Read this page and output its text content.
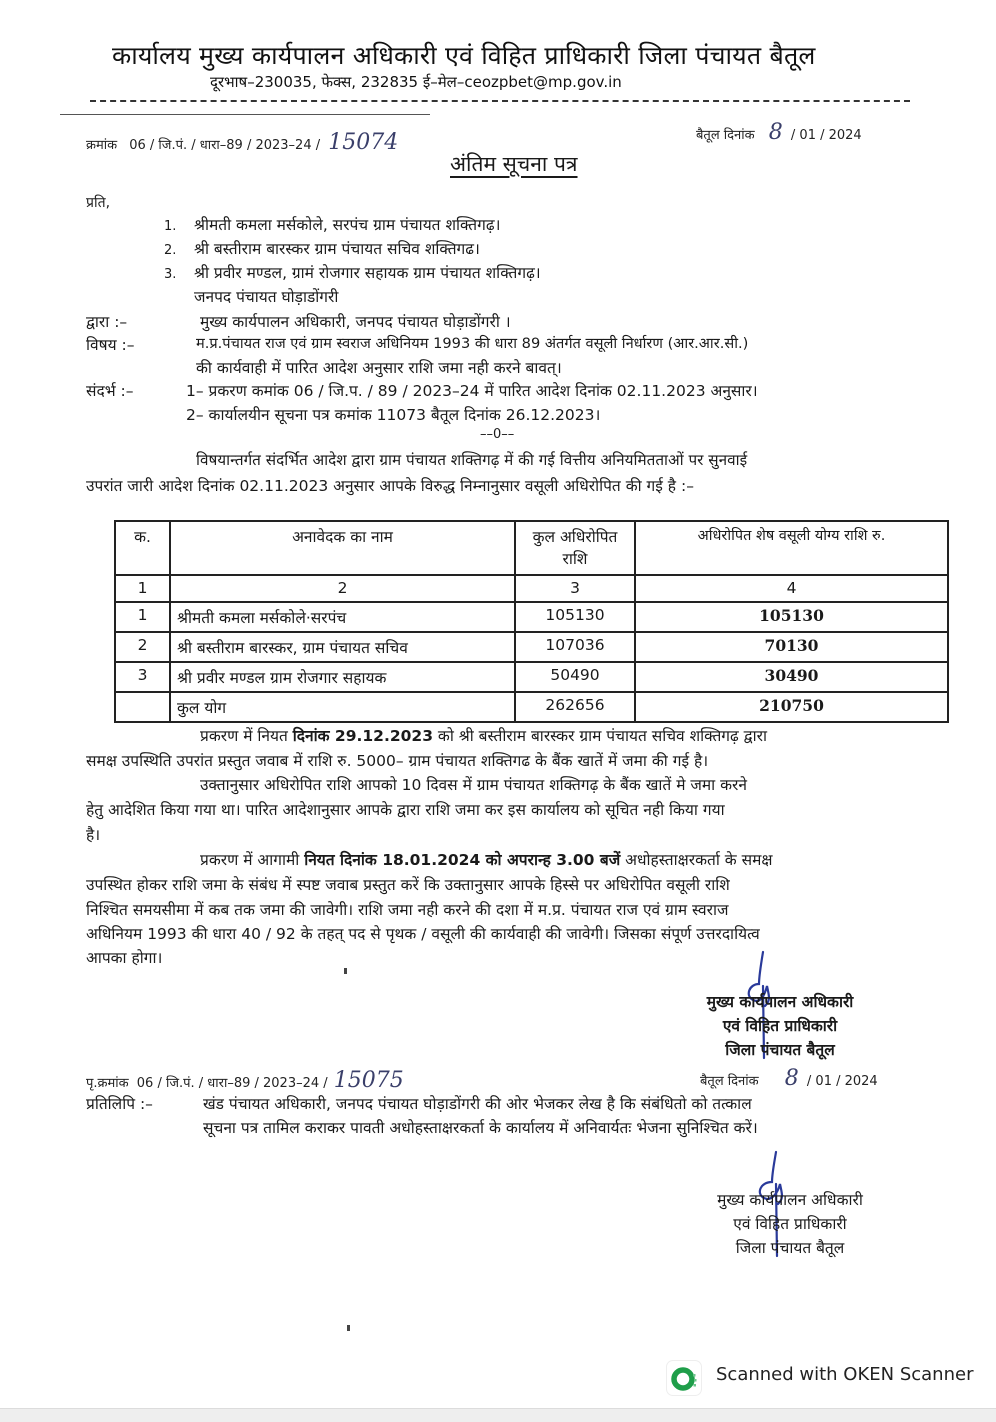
कार्यालय मुख्य कार्यपालन अधिकारी एवं विहित प्राधिकारी जिला पंचायत बैतूल
दूरभाष–230035, फेक्स, 232835 ई–मेल–ceozpbet@mp.gov.in
क्रमांक 06 / जि.पं. / धारा–89 / 2023–24 / 15074	बैतूल दिनांक 8 / 01 / 2024
अंतिम सूचना पत्र
प्रति,
1. श्रीमती कमला मर्सकोले, सरपंच ग्राम पंचायत शक्तिगढ़।
2. श्री बस्तीराम बारस्कर ग्राम पंचायत सचिव शक्तिगढ।
3. श्री प्रवीर मण्डल, ग्रामं रोजगार सहायक ग्राम पंचायत शक्तिगढ़।
जनपद पंचायत घोड़ाडोंगरी
द्वारा :–	मुख्य कार्यपालन अधिकारी, जनपद पंचायत घोड़ाडोंगरी ।
विषय :–	म.प्र.पंचायत राज एवं ग्राम स्वराज अधिनियम 1993 की धारा 89 अंतर्गत वसूली निर्धारण (आर.आर.सी.)
की कार्यवाही में पारित आदेश अनुसार राशि जमा नही करने बावत्।
संदर्भ :–	1– प्रकरण कमांक 06 / जि.प. / 89 / 2023–24 में पारित आदेश दिनांक 02.11.2023 अनुसार।
2– कार्यालयीन सूचना पत्र कमांक 11073 बैतूल दिनांक 26.12.2023।
––0––
विषयान्तर्गत संदर्भित आदेश द्वारा ग्राम पंचायत शक्तिगढ़ में की गई वित्तीय अनियमितताओं पर सुनवाई
उपरांत जारी आदेश दिनांक 02.11.2023 अनुसार आपके विरुद्ध निम्नानुसार वसूली अधिरोपित की गई है :–
क.	अनावेदक का नाम	कुल अधिरोपित राशि	अधिरोपित शेष वसूली योग्य राशि रु.
1	2	3	4
1	श्रीमती कमला मर्सकोले·सरपंच	105130	105130
2	श्री बस्तीराम बारस्कर, ग्राम पंचायत सचिव	107036	70130
3	श्री प्रवीर मण्डल ग्राम रोजगार सहायक	50490	30490
	कुल योग	262656	210750
प्रकरण में नियत दिनांक 29.12.2023 को श्री बस्तीराम बारस्कर ग्राम पंचायत सचिव शक्तिगढ़ द्वारा
समक्ष उपस्थिति उपरांत प्रस्तुत जवाब में राशि रु. 5000– ग्राम पंचायत शक्तिगढ के बैंक खातें में जमा की गई है।
उक्तानुसार अधिरोपित राशि आपको 10 दिवस में ग्राम पंचायत शक्तिगढ़ के बैंक खातें मे जमा करने
हेतु आदेशित किया गया था। पारित आदेशानुसार आपके द्वारा राशि जमा कर इस कार्यालय को सूचित नही किया गया
है।
प्रकरण में आगामी नियत दिनांक 18.01.2024 को अपरान्ह 3.00 बजें अधोहस्ताक्षरकर्ता के समक्ष
उपस्थित होकर राशि जमा के संबंध में स्पष्ट जवाब प्रस्तुत करें कि उक्तानुसार आपके हिस्से पर अधिरोपित वसूली राशि
निश्चित समयसीमा में कब तक जमा की जावेगी। राशि जमा नही करने की दशा में म.प्र. पंचायत राज एवं ग्राम स्वराज
अधिनियम 1993 की धारा 40 / 92 के तहत् पद से पृथक / वसूली की कार्यवाही की जावेगी। जिसका संपूर्ण उत्तरदायित्व
आपका होगा।
मुख्य कार्यपालन अधिकारी
एवं विहित प्राधिकारी
जिला पंचायत बैतूल
पृ.क्रमांक 06 / जि.पं. / धारा–89 / 2023–24 / 15075	बैतूल दिनांक 8 / 01 / 2024
प्रतिलिपि :–	खंड पंचायत अधिकारी, जनपद पंचायत घोड़ाडोंगरी की ओर भेजकर लेख है कि संबंधितो को तत्काल
सूचना पत्र तामिल कराकर पावती अधोहस्ताक्षरकर्ता के कार्यालय में अनिवार्यतः भेजना सुनिश्चित करें।
मुख्य कार्यपालन अधिकारी
एवं विहित प्राधिकारी
जिला पंचायत बैतूल
Scanned with OKEN Scanner
